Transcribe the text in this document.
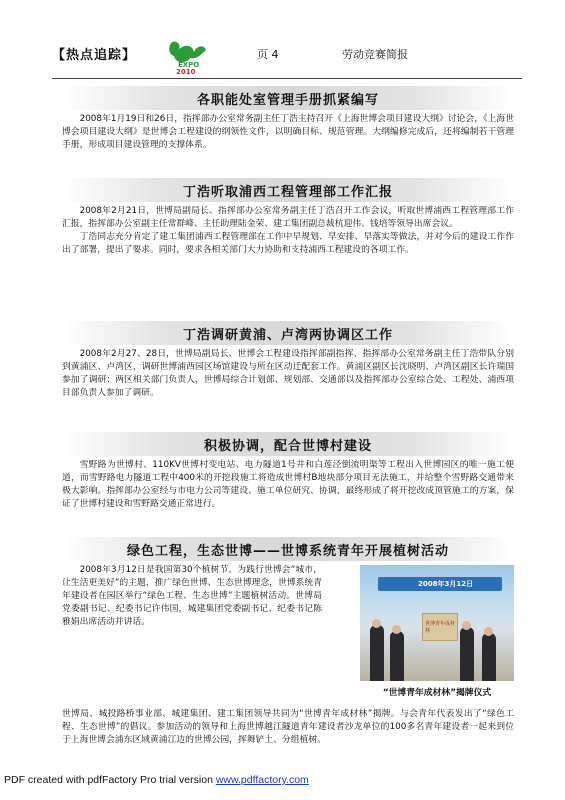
【热点追踪】
EXPO
2010
页 4	劳动竞赛简报
各职能处室管理手册抓紧编写

2008年1月19日和26日，指挥部办公室常务副主任丁浩主持召开《上海世博会项目建设大纲》讨论会，《上海世博会项目建设大纲》是世博会工程建设的纲领性文件，以明确目标、规范管理。大纲编修完成后，还将编制若干管理手册，形成项目建设管理的支撑体系。

丁浩听取浦西工程管理部工作汇报

2008年2月21日，世博局副局长、指挥部办公室常务副主任丁浩召开工作会议，听取世博浦西工程管理部工作汇报，指挥部办公室副主任常群峰、主任助理陆金荣、建工集团副总裁杭迎伟、钱培等领导出席会议。

丁浩同志充分肯定了建工集团浦西工程管理部在工作中早规划、早安排、早落实等做法，并对今后的建设工作作出了部署，提出了要求。同时，要求各相关部门大力协助和支持浦西工程建设的各项工作。

丁浩调研黄浦、卢湾两协调区工作

2008年2月27、28日，世博局副局长、世博会工程建设指挥部副指挥、指挥部办公室常务副主任丁浩带队分别到黄浦区、卢湾区，调研世博浦西园区场馆建设与所在区动迁配套工作。黄浦区副区长沈晓明、卢湾区副区长许瑞国参加了调研；两区相关部门负责人，世博局综合计划部、规划部、交通部以及指挥部办公室综合处、工程处、浦西项目部负责人参加了调研。

积极协调，配合世博村建设

雪野路为世博村、110KV世博村变电站、电力隧道1号井和白莲泾倒流明渠等工程出入世博园区的唯一施工便道，而雪野路电力隧道工程中400米的开挖段施工将造成世博村B地块部分项目无法施工，并给整个雪野路交通带来极大影响。指挥部办公室经与市电力公司等建设、施工单位研究、协调，最终形成了将开挖改成顶管施工的方案，保证了世博村建设和雪野路交通正常进行。

绿色工程，生态世博——世博系统青年开展植树活动

2008年3月12日是我国第30个植树节。为践行世博会“城市，让生活更美好”的主题，推广绿色世博、生态世博理念，世博系统青年建设者在园区举行“绿色工程、生态世博”主题植树活动。世博局党委副书记、纪委书记许伟国，城建集团党委副书记、纪委书记陈雅娟出席活动并讲话。

2008年3月12日
世博青年成材林
“世博青年成材林”揭牌仪式

世博局、城投路桥事业部、城建集团、建工集团领导共同为“世博青年成材林”揭牌。与会青年代表发出了“绿色工程、生态世博”的倡议。参加活动的领导和上海世博越江隧道青年建设者沙龙单位的100多名青年建设者一起来到位于上海世博会浦东区域黄浦江边的世博公园，挥舞铲土、分组植树。

PDF created with pdfFactory Pro trial version www.pdffactory.com
